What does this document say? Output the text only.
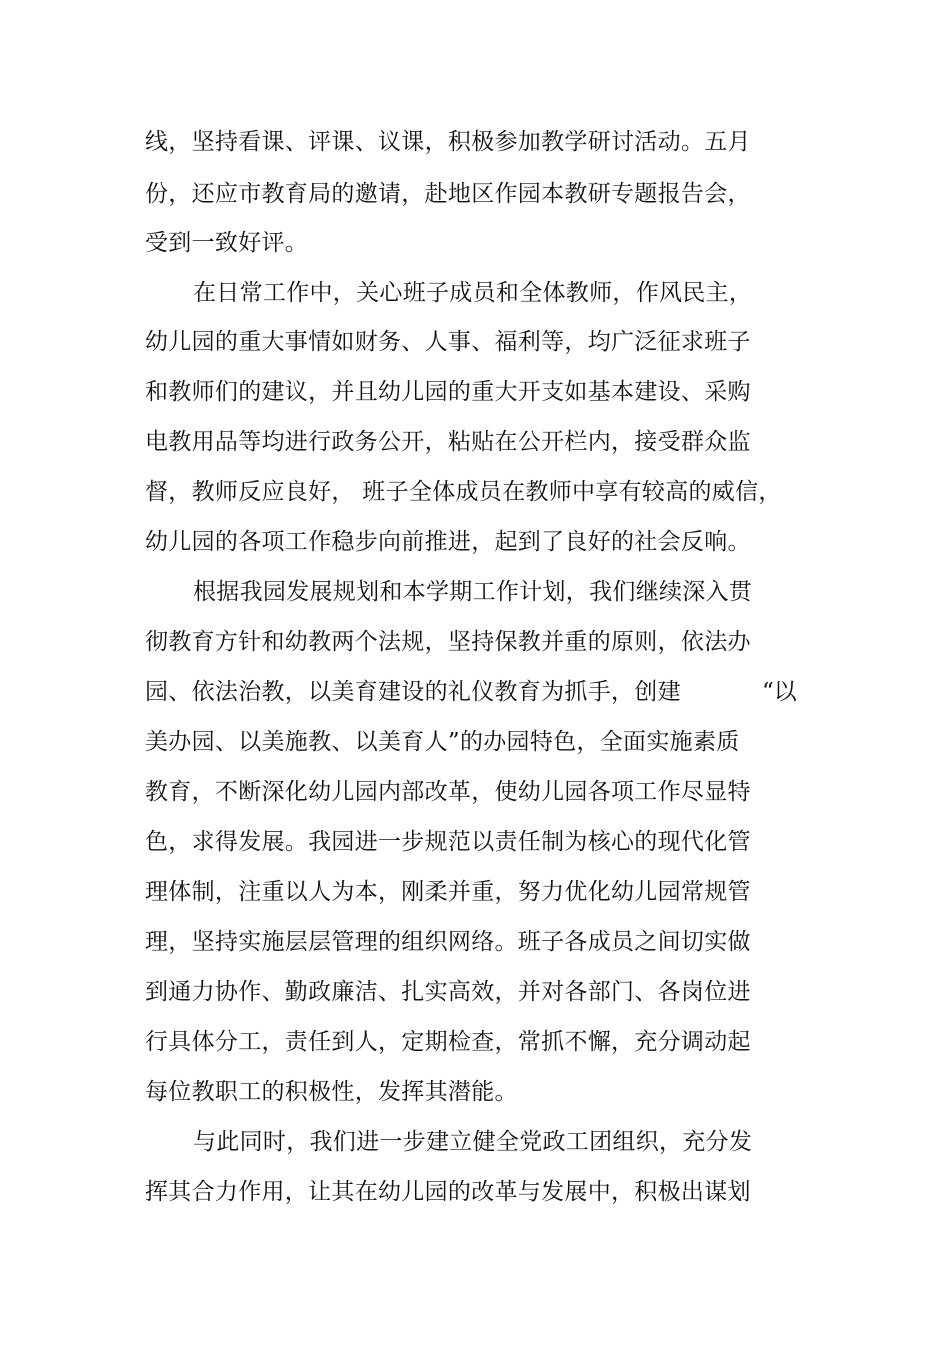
线，坚持看课、评课、议课，积极参加教学研讨活动。五月
份，还应市教育局的邀请，赴地区作园本教研专题报告会，
受到一致好评。
在日常工作中，关心班子成员和全体教师，作风民主，
幼儿园的重大事情如财务、人事、福利等，均广泛征求班子
和教师们的建议，并且幼儿园的重大开支如基本建设、采购
电教用品等均进行政务公开，粘贴在公开栏内，接受群众监
督，教师反应良好， 班子全体成员在教师中享有较高的威信，
幼儿园的各项工作稳步向前推进，起到了良好的社会反响。
根据我园发展规划和本学期工作计划，我们继续深入贯
彻教育方针和幼教两个法规，坚持保教并重的原则，依法办
园、依法治教，以美育建设的礼仪教育为抓手，创建	“以
美办园、以美施教、以美育人”的办园特色，全面实施素质
教育，不断深化幼儿园内部改革，使幼儿园各项工作尽显特
色，求得发展。我园进一步规范以责任制为核心的现代化管
理体制，注重以人为本，刚柔并重，努力优化幼儿园常规管
理，坚持实施层层管理的组织网络。班子各成员之间切实做
到通力协作、勤政廉洁、扎实高效，并对各部门、各岗位进
行具体分工，责任到人，定期检查，常抓不懈，充分调动起
每位教职工的积极性，发挥其潜能。
与此同时，我们进一步建立健全党政工团组织，充分发
挥其合力作用，让其在幼儿园的改革与发展中，积极出谋划
